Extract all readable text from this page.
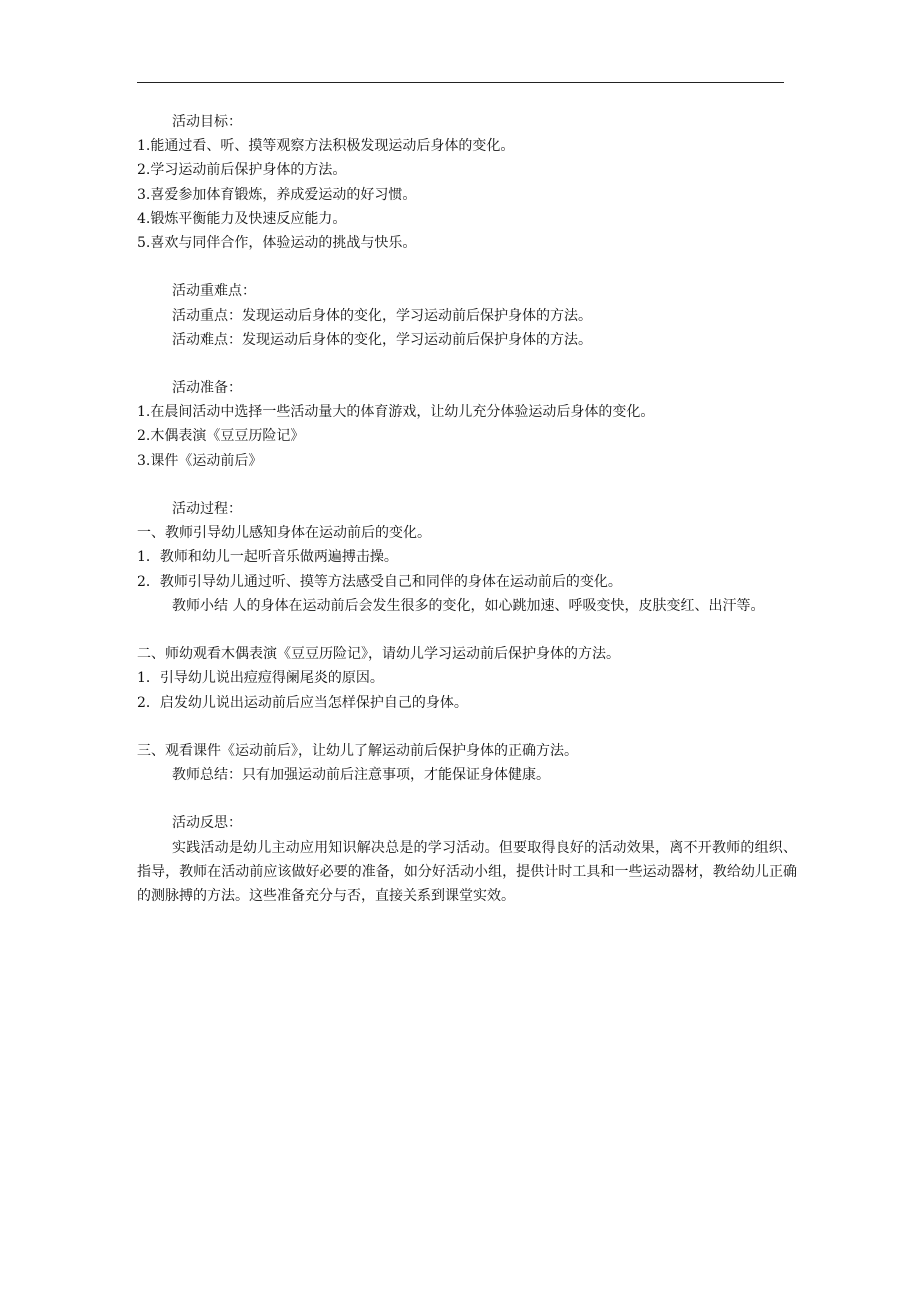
活动目标：
1.能通过看、听、摸等观察方法积极发现运动后身体的变化。
2.学习运动前后保护身体的方法。
3.喜爱参加体育锻炼，养成爱运动的好习惯。
4.锻炼平衡能力及快速反应能力。
5.喜欢与同伴合作，体验运动的挑战与快乐。
活动重难点：
活动重点：发现运动后身体的变化，学习运动前后保护身体的方法。
活动难点：发现运动后身体的变化，学习运动前后保护身体的方法。
活动准备：
1.在晨间活动中选择一些活动量大的体育游戏，让幼儿充分体验运动后身体的变化。
2.木偶表演《豆豆历险记》
3.课件《运动前后》
活动过程：
一、教师引导幼儿感知身体在运动前后的变化。
1．教师和幼儿一起听音乐做两遍搏击操。
2．教师引导幼儿通过听、摸等方法感受自己和同伴的身体在运动前后的变化。
教师小结 人的身体在运动前后会发生很多的变化，如心跳加速、呼吸变快，皮肤变红、出汗等。
二、师幼观看木偶表演《豆豆历险记》，请幼儿学习运动前后保护身体的方法。
1．引导幼儿说出痘痘得阑尾炎的原因。
2．启发幼儿说出运动前后应当怎样保护自己的身体。
三、观看课件《运动前后》，让幼儿了解运动前后保护身体的正确方法。
教师总结：只有加强运动前后注意事项，才能保证身体健康。
活动反思：
实践活动是幼儿主动应用知识解决总是的学习活动。但要取得良好的活动效果，离不开教师的组织、指导，教师在活动前应该做好必要的准备，如分好活动小组，提供计时工具和一些运动器材，教给幼儿正确的测脉搏的方法。这些准备充分与否，直接关系到课堂实效。
